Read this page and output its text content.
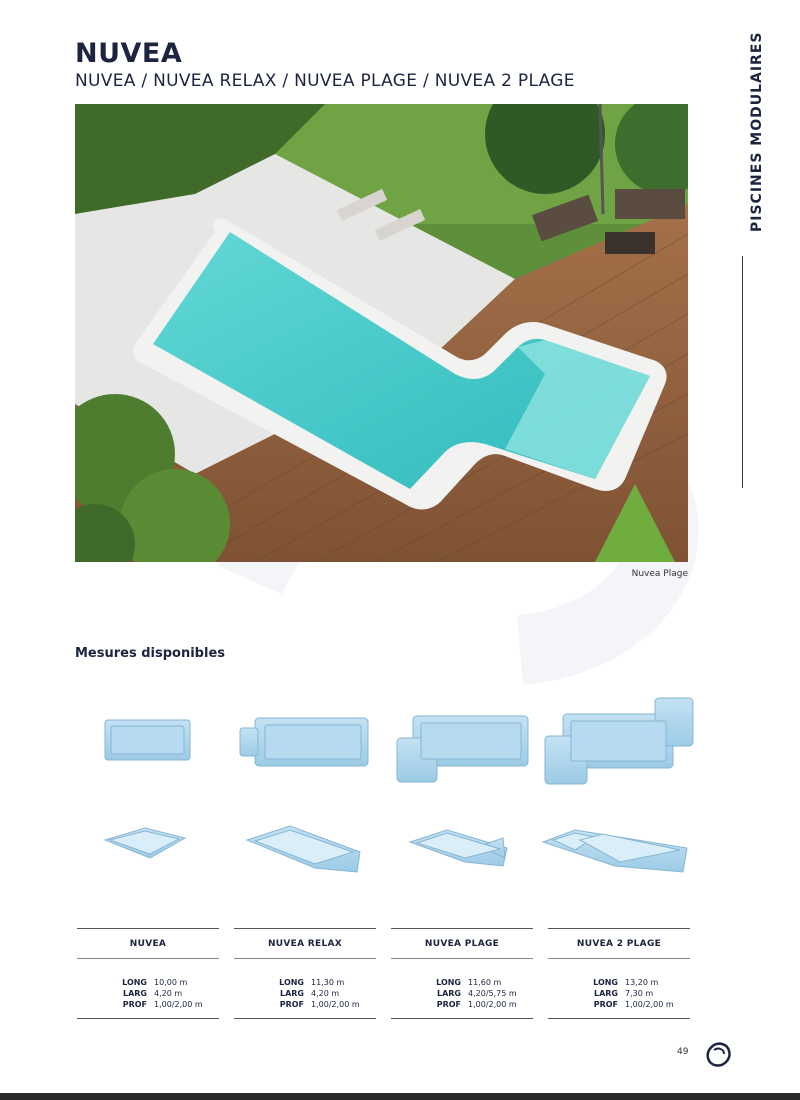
NUVEA
NUVEA / NUVEA RELAX / NUVEA PLAGE / NUVEA 2 PLAGE	PISCINES MODULAIRES
Nuvea Plage
Mesures disponibles
NUVEA
LONG 10,00 m
LARG 4,20 m
PROF 1,00/2,00 m
NUVEA RELAX
LONG 11,30 m
LARG 4,20 m
PROF 1,00/2,00 m
NUVEA PLAGE
LONG 11,60 m
LARG 4,20/5,75 m
PROF 1,00/2,00 m
NUVEA 2 PLAGE
LONG 13,20 m
LARG 7,30 m
PROF 1,00/2,00 m
49
